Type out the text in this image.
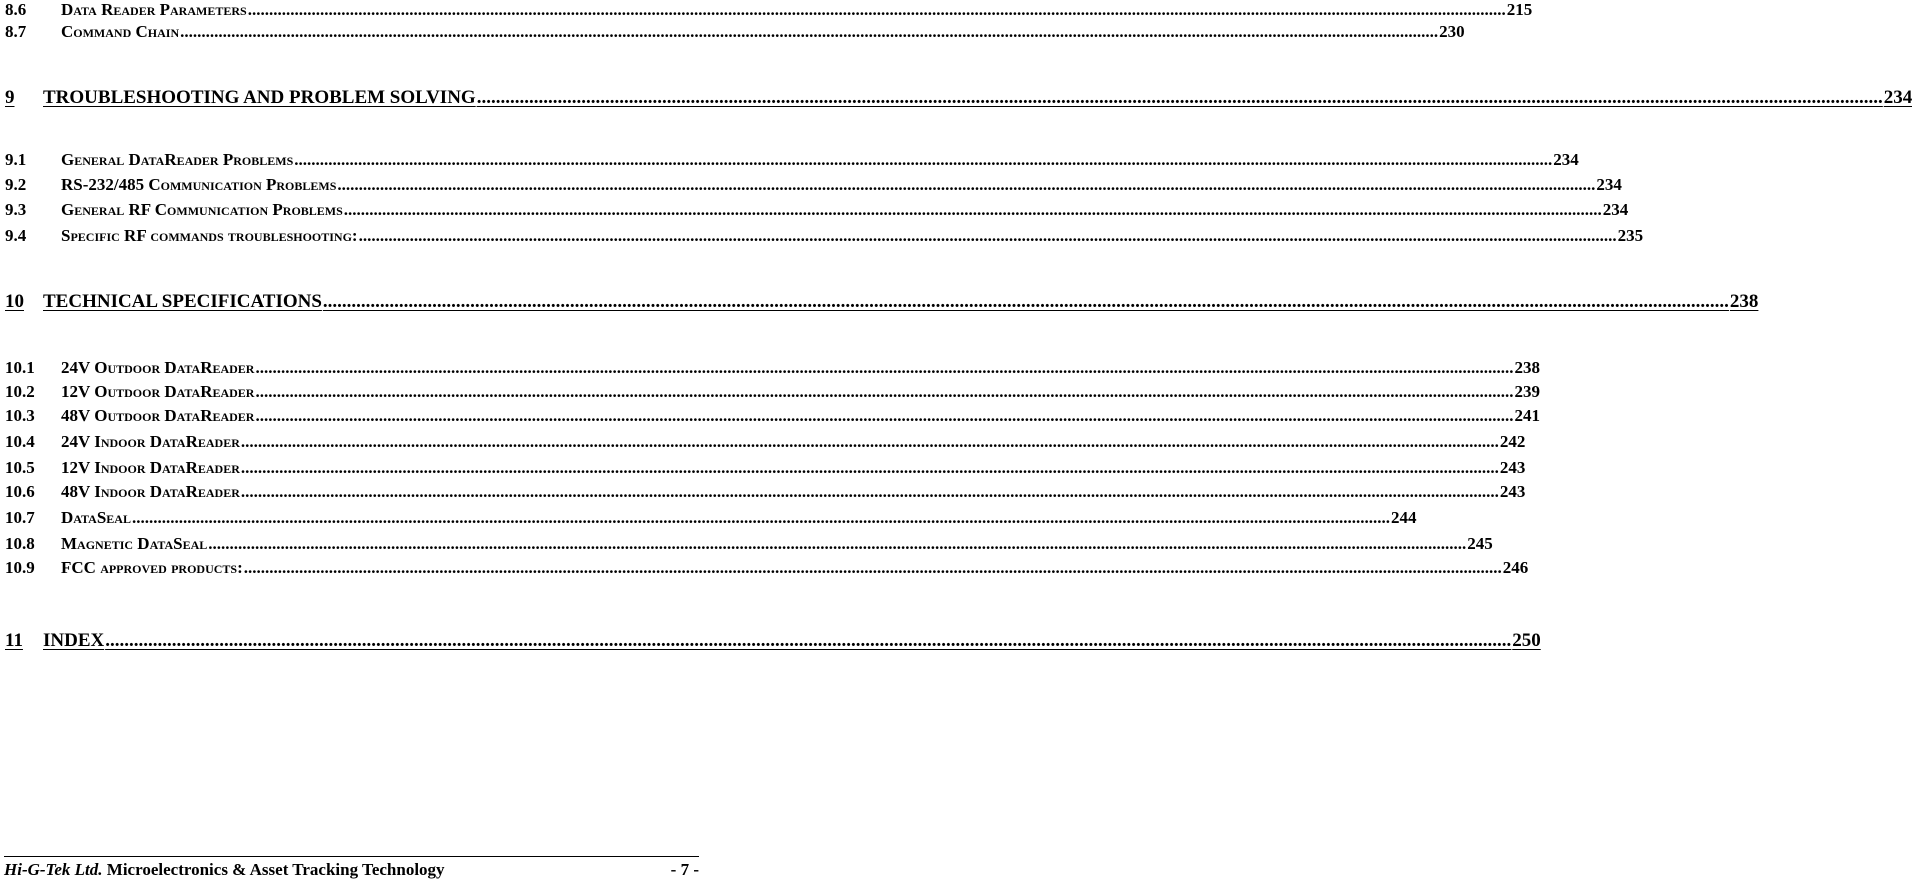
8.6	Data Reader Parameters .....	215
8.7	Command Chain .....	230
9	TROUBLESHOOTING AND PROBLEM SOLVING .....	234
9.1	General DataReader Problems .....	234
9.2	RS-232/485 Communication Problems .....	234
9.3	General RF Communication Problems .....	234
9.4	Specific RF commands troubleshooting: .....	235
10	TECHNICAL SPECIFICATIONS .....	238
10.1	24V Outdoor DataReader .....	238
10.2	12V Outdoor DataReader .....	239
10.3	48V Outdoor DataReader .....	241
10.4	24V Indoor DataReader .....	242
10.5	12V Indoor DataReader .....	243
10.6	48V Indoor DataReader .....	243
10.7	DataSeal .....	244
10.8	Magnetic DataSeal .....	245
10.9	FCC approved products: .....	246
11	INDEX .....	250
Hi-G-Tek Ltd. Microelectronics & Asset Tracking Technology	- 7 -
